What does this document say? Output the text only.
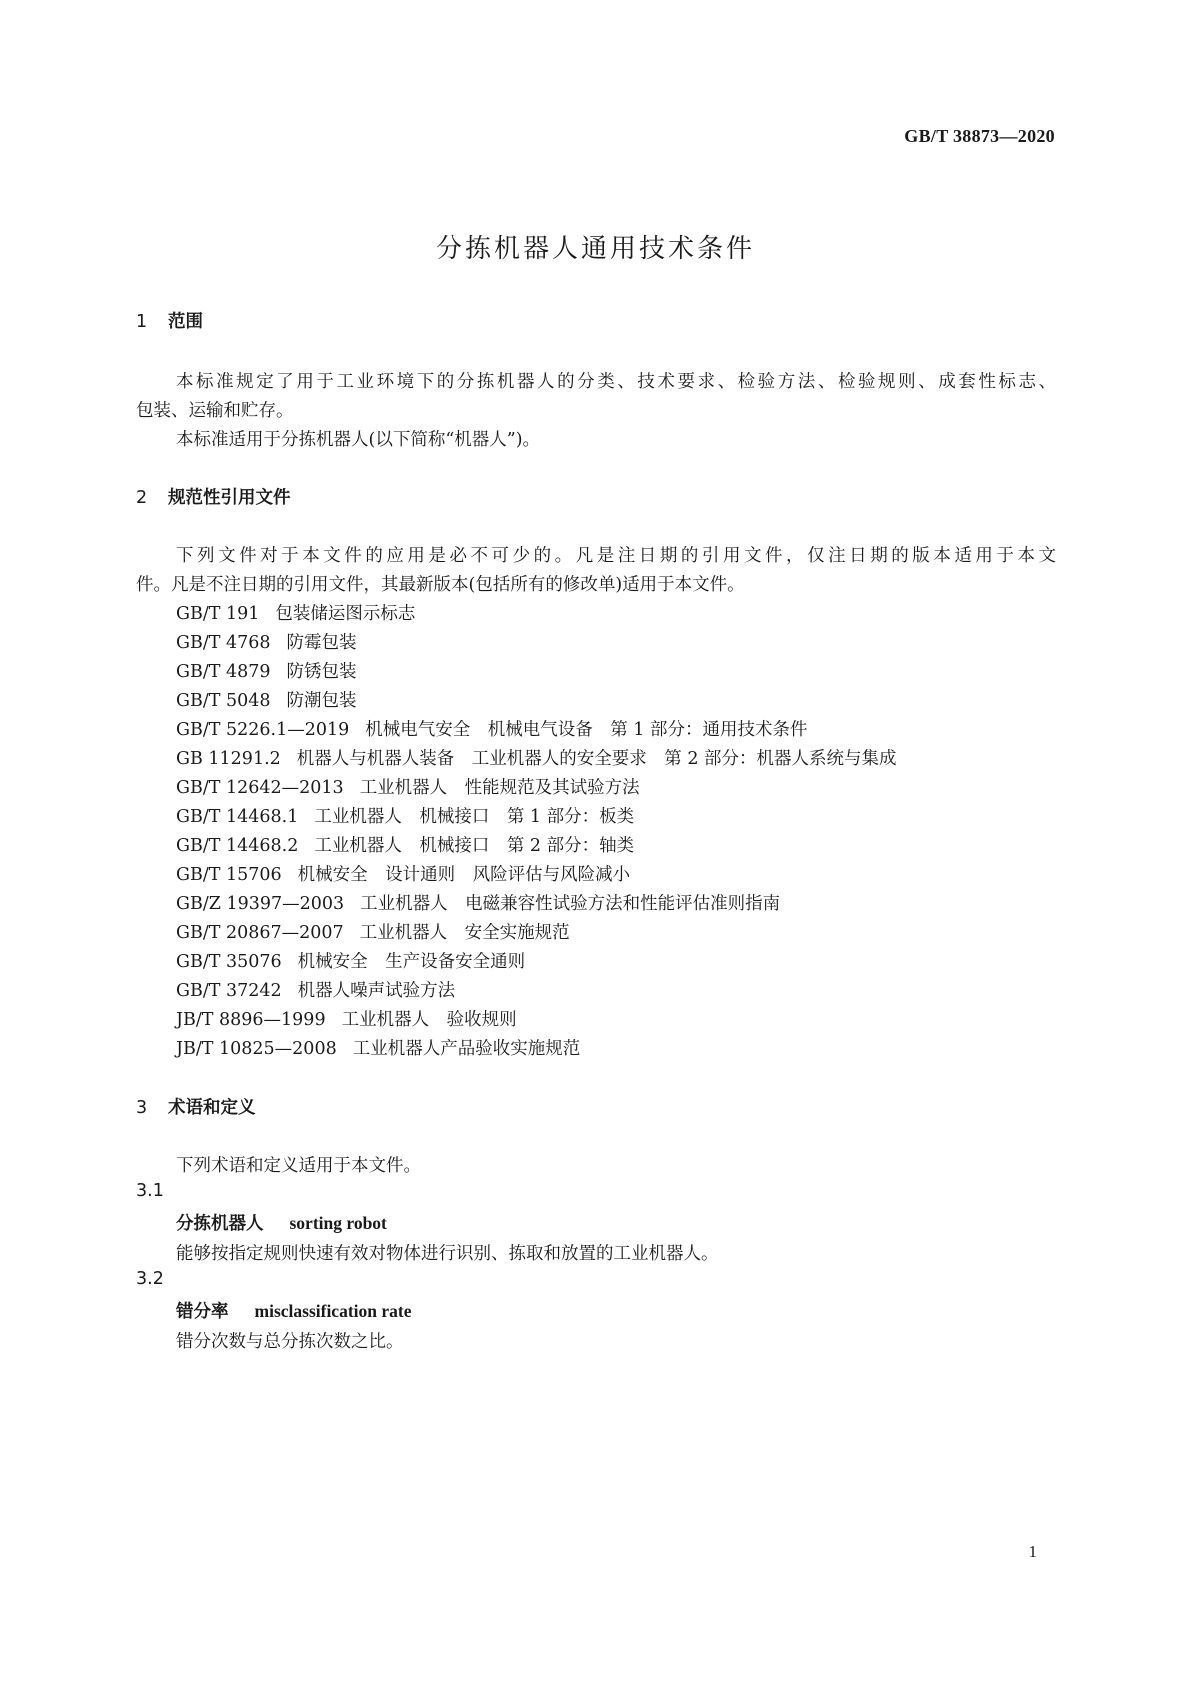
GB/T 38873—2020
分拣机器人通用技术条件
1 范围
本标准规定了用于工业环境下的分拣机器人的分类、技术要求、检验方法、检验规则、成套性标志、
包装、运输和贮存。
本标准适用于分拣机器人(以下简称“机器人”)。
2 规范性引用文件
下列文件对于本文件的应用是必不可少的。凡是注日期的引用文件，仅注日期的版本适用于本文
件。凡是不注日期的引用文件，其最新版本(包括所有的修改单)适用于本文件。
GB/T 191 包装储运图示标志
GB/T 4768 防霉包装
GB/T 4879 防锈包装
GB/T 5048 防潮包装
GB/T 5226.1—2019 机械电气安全　机械电气设备　第 1 部分：通用技术条件
GB 11291.2 机器人与机器人装备　工业机器人的安全要求　第 2 部分：机器人系统与集成
GB/T 12642—2013 工业机器人　性能规范及其试验方法
GB/T 14468.1 工业机器人　机械接口　第 1 部分：板类
GB/T 14468.2 工业机器人　机械接口　第 2 部分：轴类
GB/T 15706 机械安全　设计通则　风险评估与风险减小
GB/Z 19397—2003 工业机器人　电磁兼容性试验方法和性能评估准则指南
GB/T 20867—2007 工业机器人　安全实施规范
GB/T 35076 机械安全　生产设备安全通则
GB/T 37242 机器人噪声试验方法
JB/T 8896—1999 工业机器人　验收规则
JB/T 10825—2008 工业机器人产品验收实施规范
3 术语和定义
下列术语和定义适用于本文件。
3.1
分拣机器人 sorting robot
能够按指定规则快速有效对物体进行识别、拣取和放置的工业机器人。
3.2
错分率 misclassification rate
错分次数与总分拣次数之比。
1
